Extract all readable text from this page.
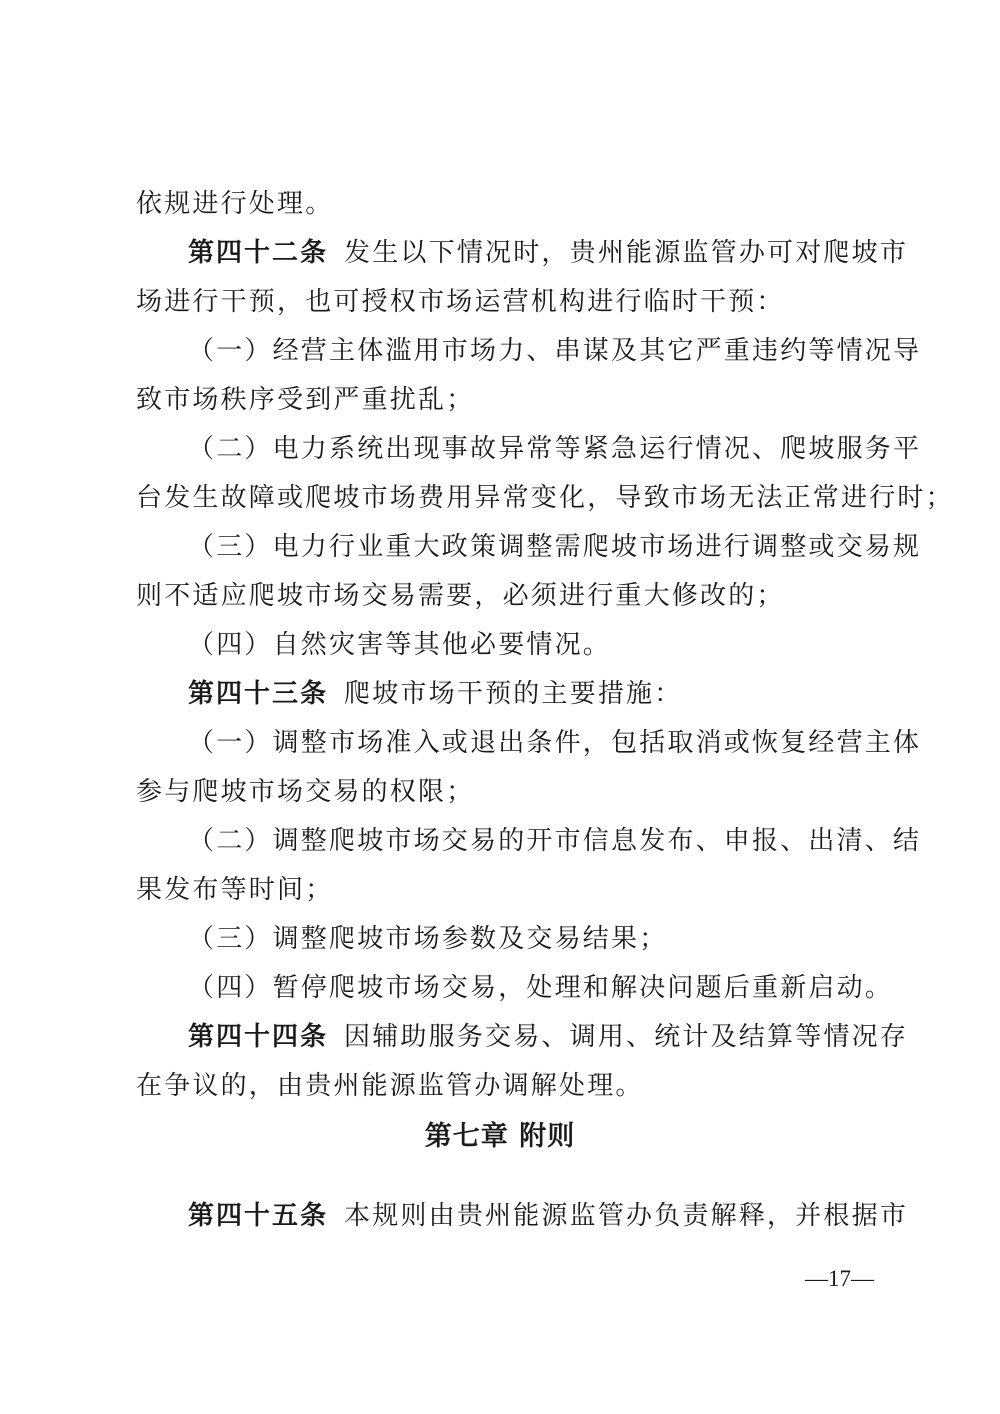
依规进行处理。
第四十二条 发生以下情况时，贵州能源监管办可对爬坡市
场进行干预，也可授权市场运营机构进行临时干预：
（一）经营主体滥用市场力、串谋及其它严重违约等情况导
致市场秩序受到严重扰乱；
（二）电力系统出现事故异常等紧急运行情况、爬坡服务平
台发生故障或爬坡市场费用异常变化，导致市场无法正常进行时；
（三）电力行业重大政策调整需爬坡市场进行调整或交易规
则不适应爬坡市场交易需要，必须进行重大修改的；
（四）自然灾害等其他必要情况。
第四十三条 爬坡市场干预的主要措施：
（一）调整市场准入或退出条件，包括取消或恢复经营主体
参与爬坡市场交易的权限；
（二）调整爬坡市场交易的开市信息发布、申报、出清、结
果发布等时间；
（三）调整爬坡市场参数及交易结果；
（四）暂停爬坡市场交易，处理和解决问题后重新启动。
第四十四条 因辅助服务交易、调用、统计及结算等情况存
在争议的，由贵州能源监管办调解处理。
第七章 附则
第四十五条 本规则由贵州能源监管办负责解释，并根据市
—17—
